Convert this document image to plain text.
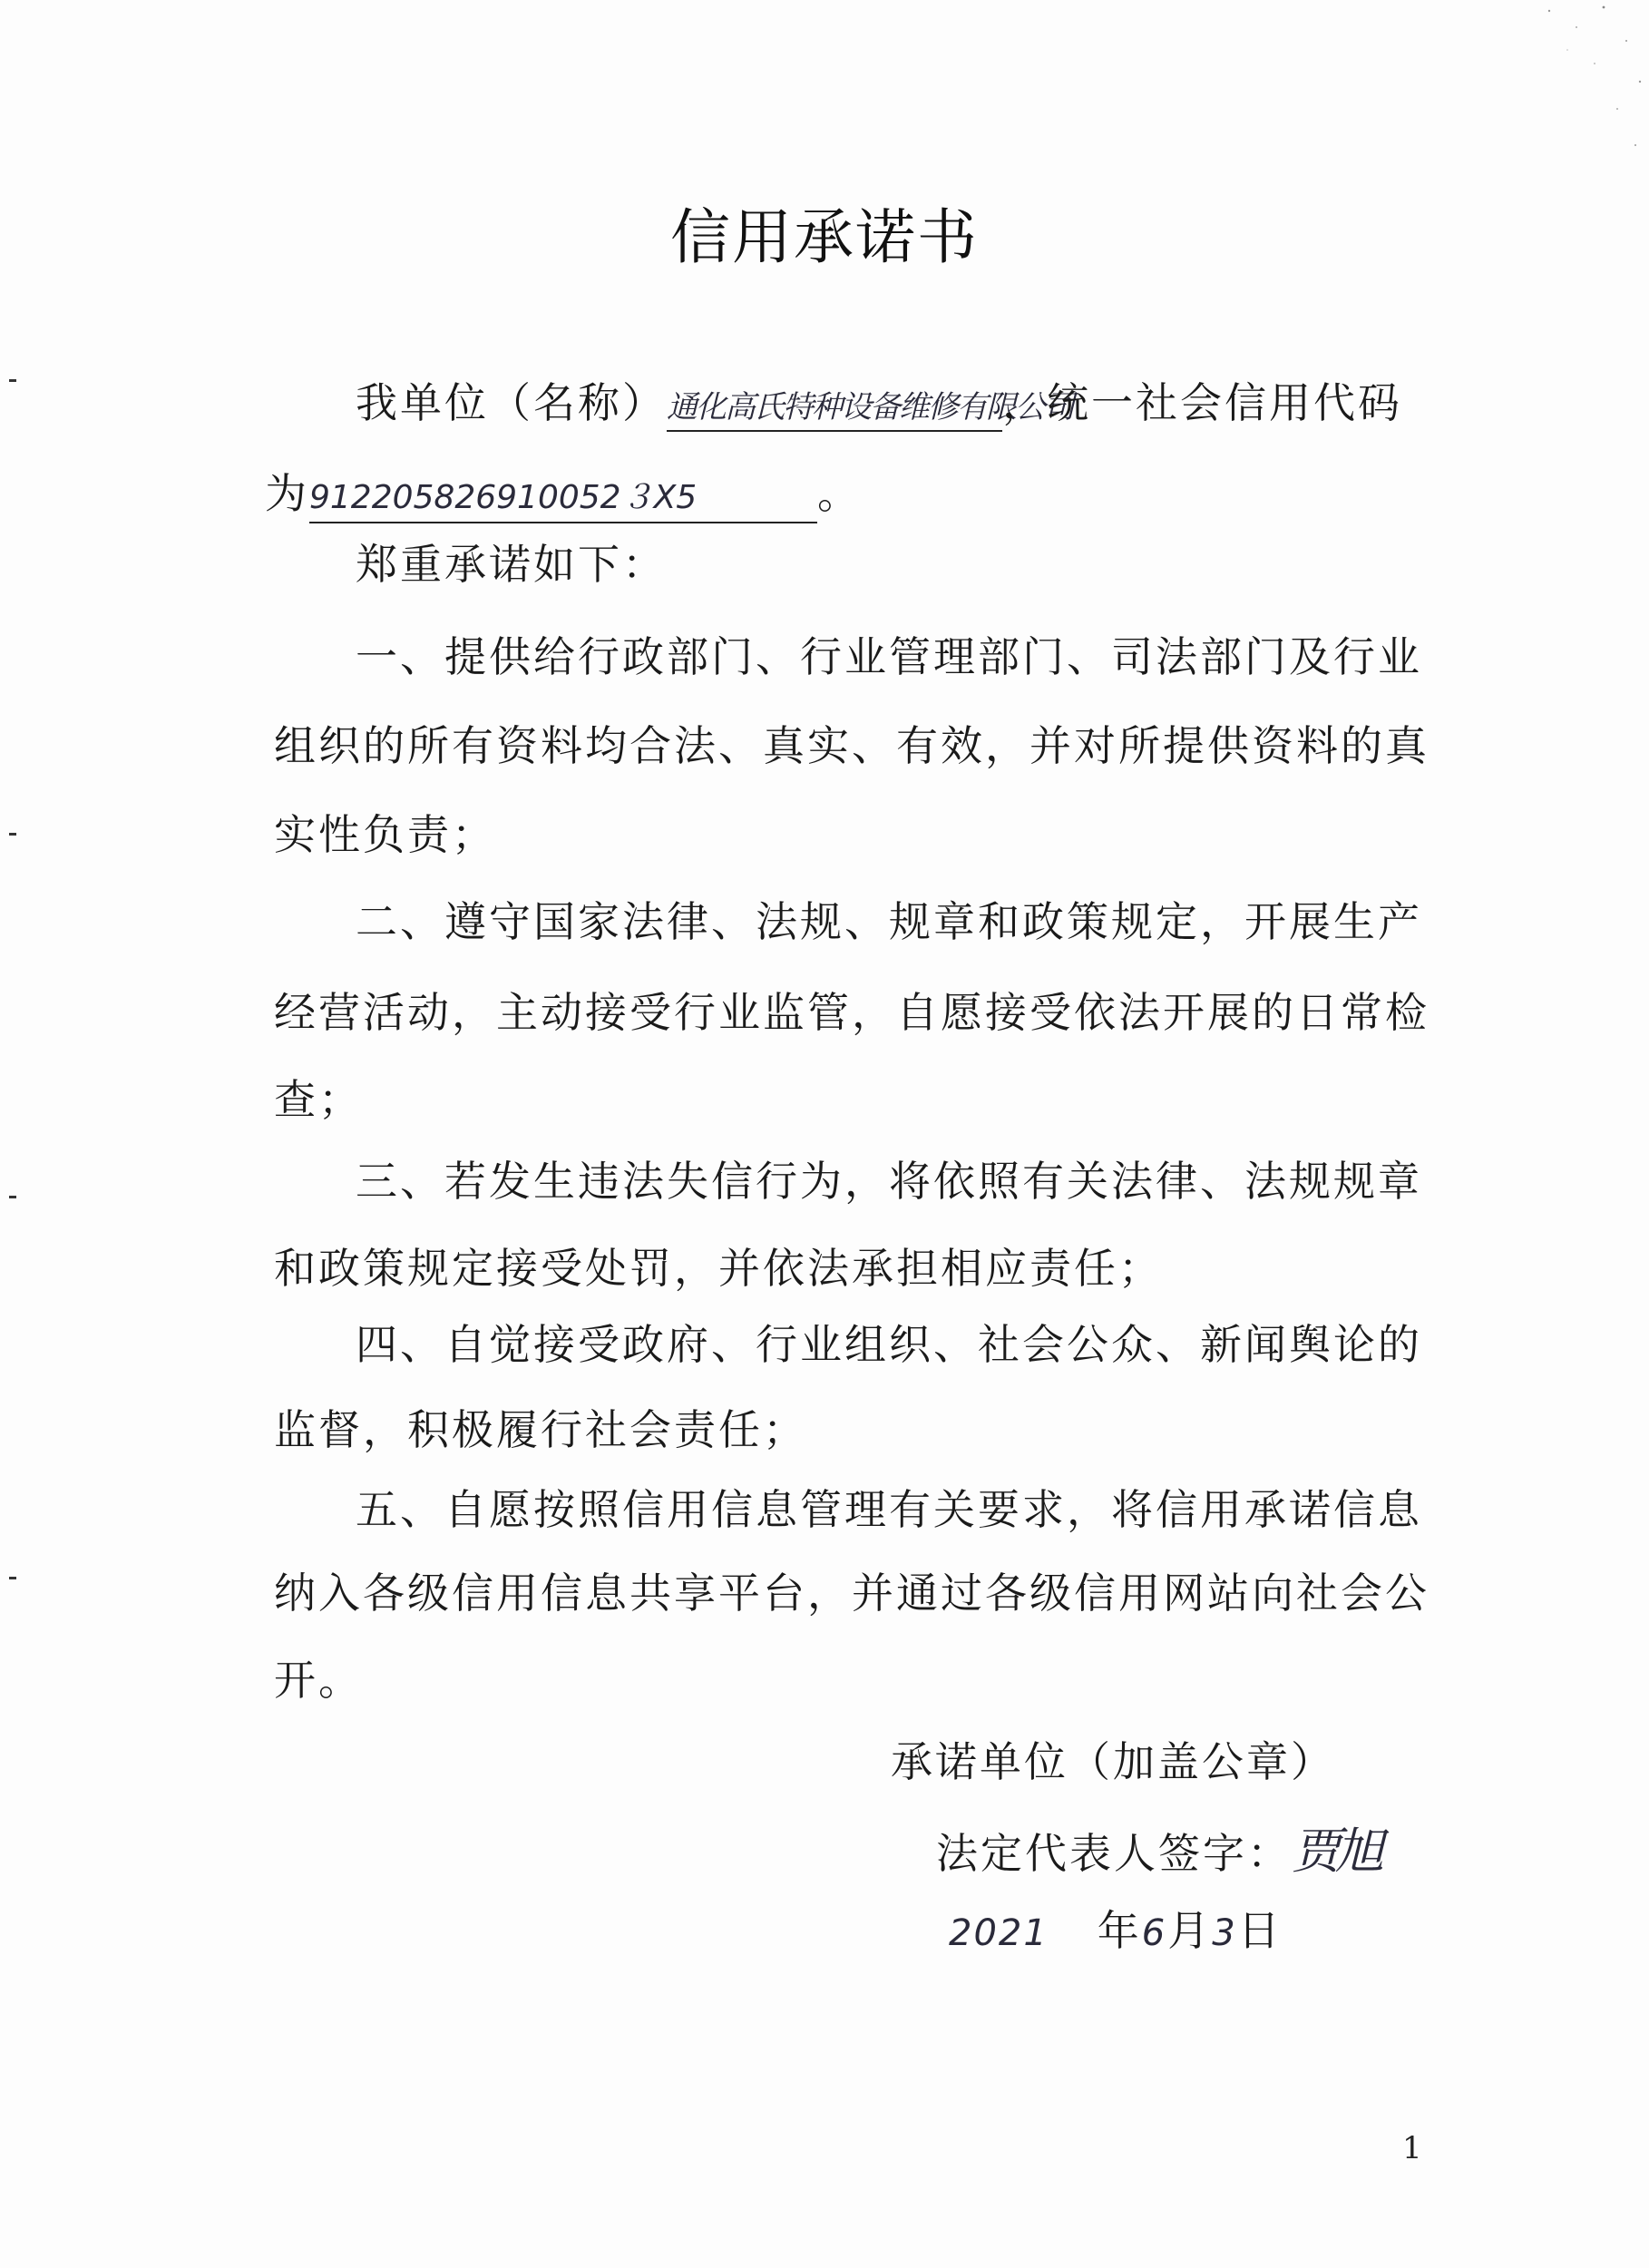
信用承诺书
我单位（名称）通化高氏特种设备维修有限公司，统一社会信用代码
为912205826910052３X5	。
郑重承诺如下：
一、提供给行政部门、行业管理部门、司法部门及行业
组织的所有资料均合法、真实、有效，并对所提供资料的真
实性负责；
二、遵守国家法律、法规、规章和政策规定，开展生产
经营活动，主动接受行业监管，自愿接受依法开展的日常检
查；
三、若发生违法失信行为，将依照有关法律、法规规章
和政策规定接受处罚，并依法承担相应责任；
四、自觉接受政府、行业组织、社会公众、新闻舆论的
监督，积极履行社会责任；
五、自愿按照信用信息管理有关要求，将信用承诺信息
纳入各级信用信息共享平台，并通过各级信用网站向社会公
开。
承诺单位（加盖公章）
法定代表人签字：贾旭
2021 年6月3日
1
